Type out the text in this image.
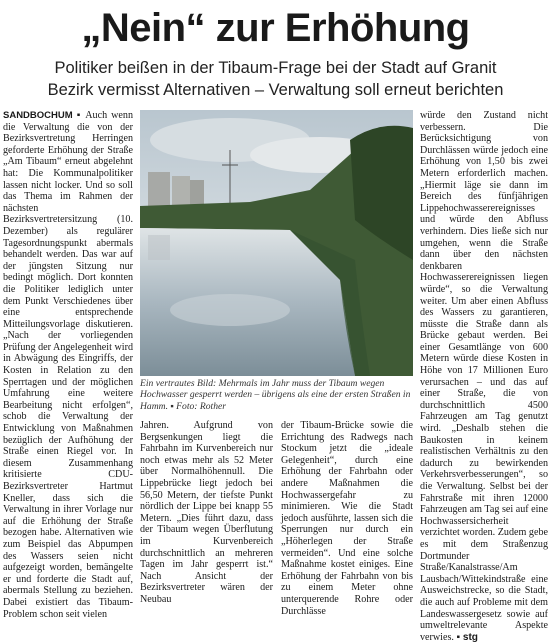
„Nein“ zur Erhöhung
Politiker beißen in der Tibaum-Frage bei der Stadt auf Granit
Bezirk vermisst Alternativen – Verwaltung soll erneut berichten

SANDBOCHUM ▪ Auch wenn die Verwaltung die von der Bezirksvertretung Herringen geforderte Erhöhung der Straße „Am Tibaum“ erneut abgelehnt hat: Die Kommunalpolitiker lassen nicht locker. Und so soll das Thema im Rahmen der nächsten Bezirksvertretersitzung (10. Dezember) als regulärer Tagesordnungspunkt abermals behandelt werden. Das war auf der jüngsten Sitzung nur bedingt möglich. Dort konnten die Politiker lediglich unter dem Punkt Verschiedenes über eine entsprechende Mitteilungsvorlage diskutieren. „Nach der vorliegenden Prüfung der Angelegenheit wird in Abwägung des Eingriffs, der Kosten in Relation zu den Sperrtagen und der möglichen Umfahrung eine weitere Bearbeitung nicht erfolgen“, schob die Verwaltung der Entwicklung von Maßnahmen bezüglich der Aufhöhung der Straße einen Riegel vor. In diesem Zusammenhang kritisierte CDU-Bezirksvertreter Hartmut Kneller, dass sich die Verwaltung in ihrer Vorlage nur auf die Erhöhung der Straße bezogen habe. Alternativen wie zum Beispiel das Abpumpen des Wassers seien nicht aufgezeigt worden, bemängelte er und forderte die Stadt auf, abermals Stellung zu beziehen. Dabei existiert das Tibaum-Problem schon seit vielen

Ein vertrautes Bild: Mehrmals im Jahr muss der Tibaum wegen Hochwasser gesperrt werden – übrigens als eine der ersten Straßen in Hamm. ▪ Foto: Rother

Jahren. Aufgrund von Bergsenkungen liegt die Fahrbahn im Kurvenbereich nur noch etwas mehr als 52 Meter über Normalhöhennull. Die Lippebrücke liegt jedoch bei 56,50 Metern, der tiefste Punkt nördlich der Lippe bei knapp 55 Metern. „Dies führt dazu, dass der Tibaum wegen Überflutung im Kurvenbereich durchschnittlich an mehreren Tagen im Jahr gesperrt ist.“ Nach Ansicht der Bezirksvertreter wären der Neubau

der Tibaum-Brücke sowie die Errichtung des Radwegs nach Stockum jetzt die „ideale Gelegenheit“, durch eine Erhöhung der Fahrbahn oder andere Maßnahmen die Hochwassergefahr zu minimieren. Wie die Stadt jedoch ausführte, lassen sich die Sperrungen nur durch ein „Höherlegen der Straße vermeiden“. Und eine solche Maßnahme kostet einiges. Eine Erhöhung der Fahrbahn von bis zu einem Meter ohne unterquerende Rohre oder Durchlässe

würde den Zustand nicht verbessern. Die Berücksichtigung von Durchlässen würde jedoch eine Erhöhung von 1,50 bis zwei Metern erforderlich machen. „Hiermit läge sie dann im Bereich des fünfjährigen Lippehochwasserereignisses und würde den Abfluss verhindern. Dies ließe sich nur umgehen, wenn die Straße dann über den nächsten denkbaren Hochwasserereignissen liegen würde“, so die Verwaltung weiter. Um aber einen Abfluss des Wassers zu garantieren, müsste die Straße dann als Brücke gebaut werden. Bei einer Gesamtlänge von 600 Metern würde diese Kosten in Höhe von 17 Millionen Euro verursachen – und das auf einer Straße, die von durchschnittlich 4500 Fahrzeugen am Tag genutzt wird. „Deshalb stehen die Baukosten in keinem realistischen Verhältnis zu den dadurch zu bewirkenden Verkehrsverbesserungen“, so die Verwaltung. Selbst bei der Fahrstraße mit ihren 12000 Fahrzeugen am Tag sei auf eine Hochwassersicherheit verzichtet worden. Zudem gebe es mit dem Straßenzug Dortmunder Straße/Kanalstrasse/Am Lausbach/Wittekindstraße eine Ausweichstrecke, so die Stadt, die auch auf Probleme mit dem Landeswassergesetz sowie auf umweltrelevante Aspekte verwies. ▪ stg
